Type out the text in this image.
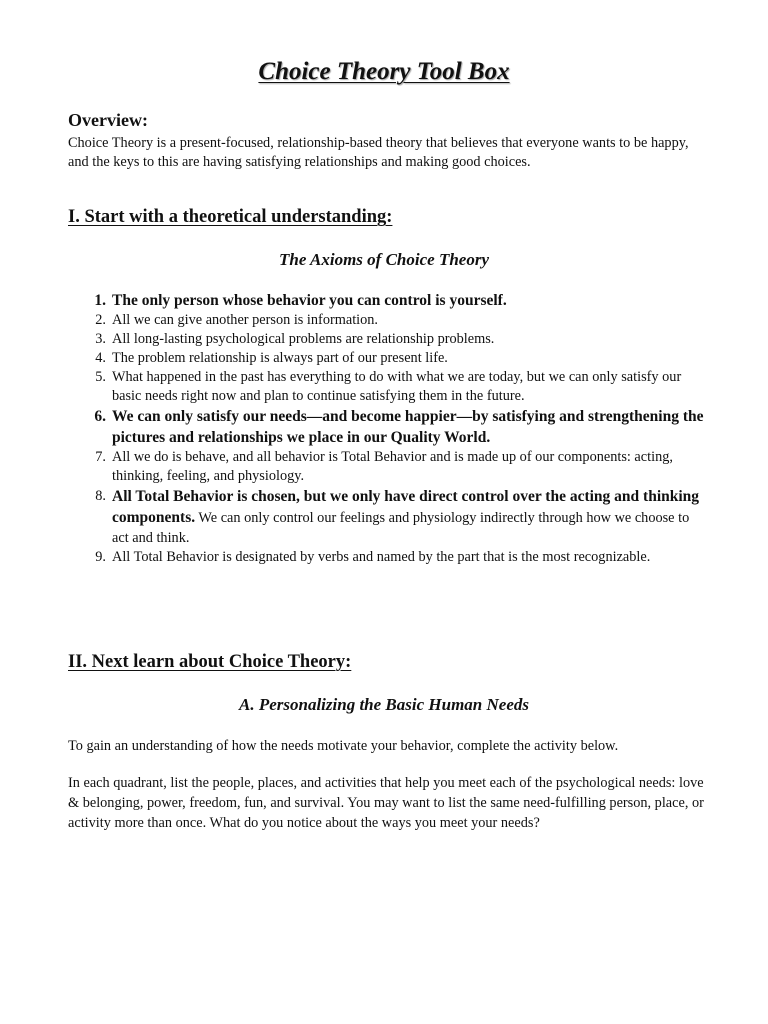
Choice Theory Tool Box
Overview:

Choice Theory is a present-focused, relationship-based theory that believes that everyone wants to be happy, and the keys to this are having satisfying relationships and making good choices.

I. Start with a theoretical understanding:
The Axioms of Choice Theory
1. The only person whose behavior you can control is yourself.
2. All we can give another person is information.
3. All long-lasting psychological problems are relationship problems.
4. The problem relationship is always part of our present life.
5. What happened in the past has everything to do with what we are today, but we can only satisfy our basic needs right now and plan to continue satisfying them in the future.
6. We can only satisfy our needs—and become happier—by satisfying and strengthening the pictures and relationships we place in our Quality World.
7. All we do is behave, and all behavior is Total Behavior and is made up of our components: acting, thinking, feeling, and physiology.
8. All Total Behavior is chosen, but we only have direct control over the acting and thinking components. We can only control our feelings and physiology indirectly through how we choose to act and think.
9. All Total Behavior is designated by verbs and named by the part that is the most recognizable.
II. Next learn about Choice Theory:
A. Personalizing the Basic Human Needs

To gain an understanding of how the needs motivate your behavior, complete the activity below.

In each quadrant, list the people, places, and activities that help you meet each of the psychological needs: love & belonging, power, freedom, fun, and survival. You may want to list the same need-fulfilling person, place, or activity more than once. What do you notice about the ways you meet your needs?
